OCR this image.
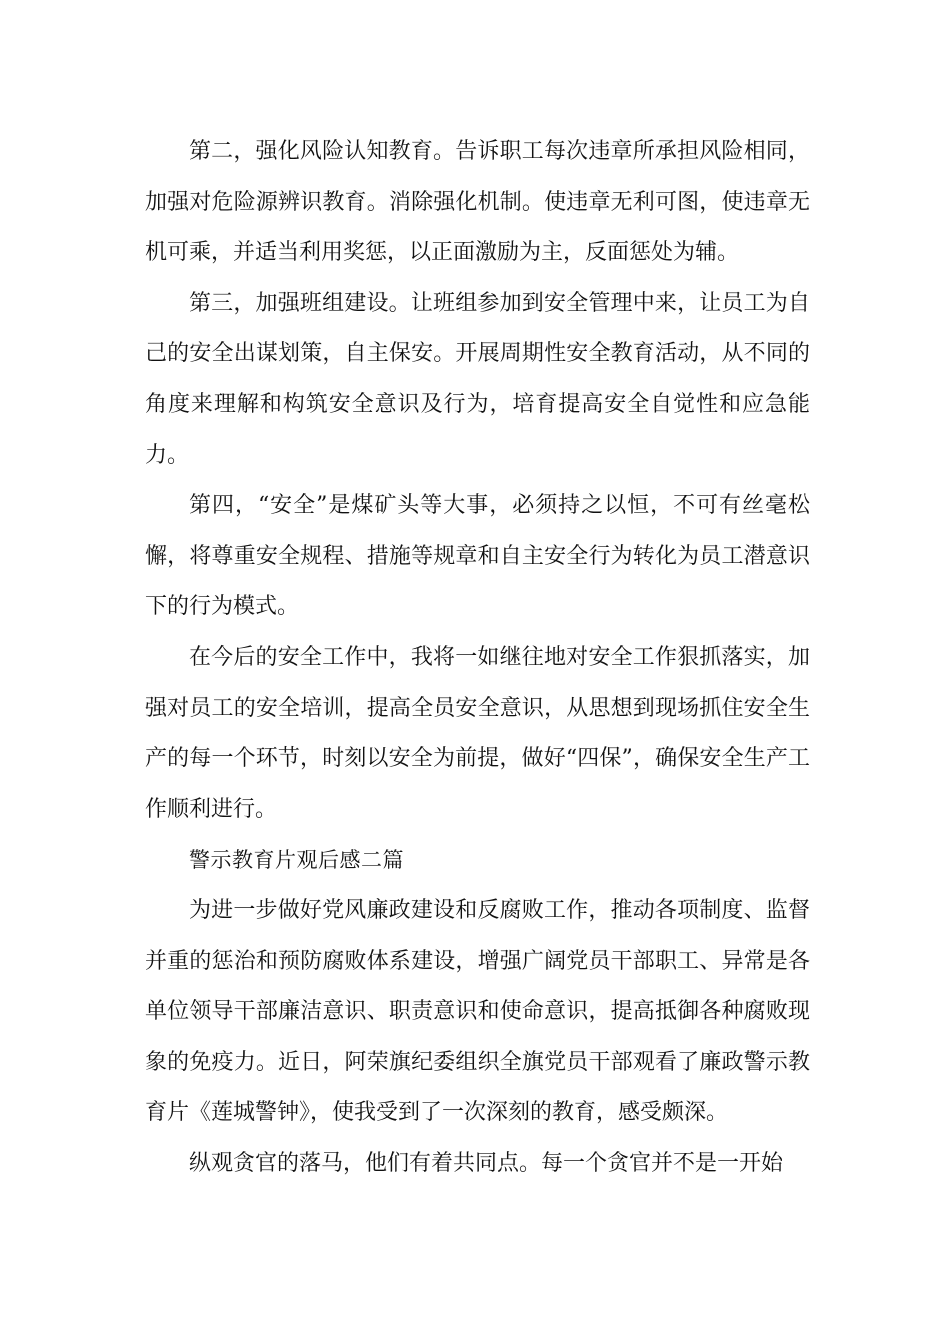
第二，强化风险认知教育。告诉职工每次违章所承担风险相同，加强对危险源辨识教育。消除强化机制。使违章无利可图，使违章无机可乘，并适当利用奖惩，以正面激励为主，反面惩处为辅。

第三，加强班组建设。让班组参加到安全管理中来，让员工为自己的安全出谋划策，自主保安。开展周期性安全教育活动，从不同的角度来理解和构筑安全意识及行为，培育提高安全自觉性和应急能力。

第四，“安全”是煤矿头等大事，必须持之以恒，不可有丝毫松懈，将尊重安全规程、措施等规章和自主安全行为转化为员工潜意识下的行为模式。

在今后的安全工作中，我将一如继往地对安全工作狠抓落实，加强对员工的安全培训，提高全员安全意识，从思想到现场抓住安全生产的每一个环节，时刻以安全为前提，做好“四保”，确保安全生产工作顺利进行。

警示教育片观后感二篇

为进一步做好党风廉政建设和反腐败工作，推动各项制度、监督并重的惩治和预防腐败体系建设，增强广阔党员干部职工、异常是各单位领导干部廉洁意识、职责意识和使命意识，提高抵御各种腐败现象的免疫力。近日，阿荣旗纪委组织全旗党员干部观看了廉政警示教育片《莲城警钟》，使我受到了一次深刻的教育，感受颇深。

纵观贪官的落马，他们有着共同点。每一个贪官并不是一开始
